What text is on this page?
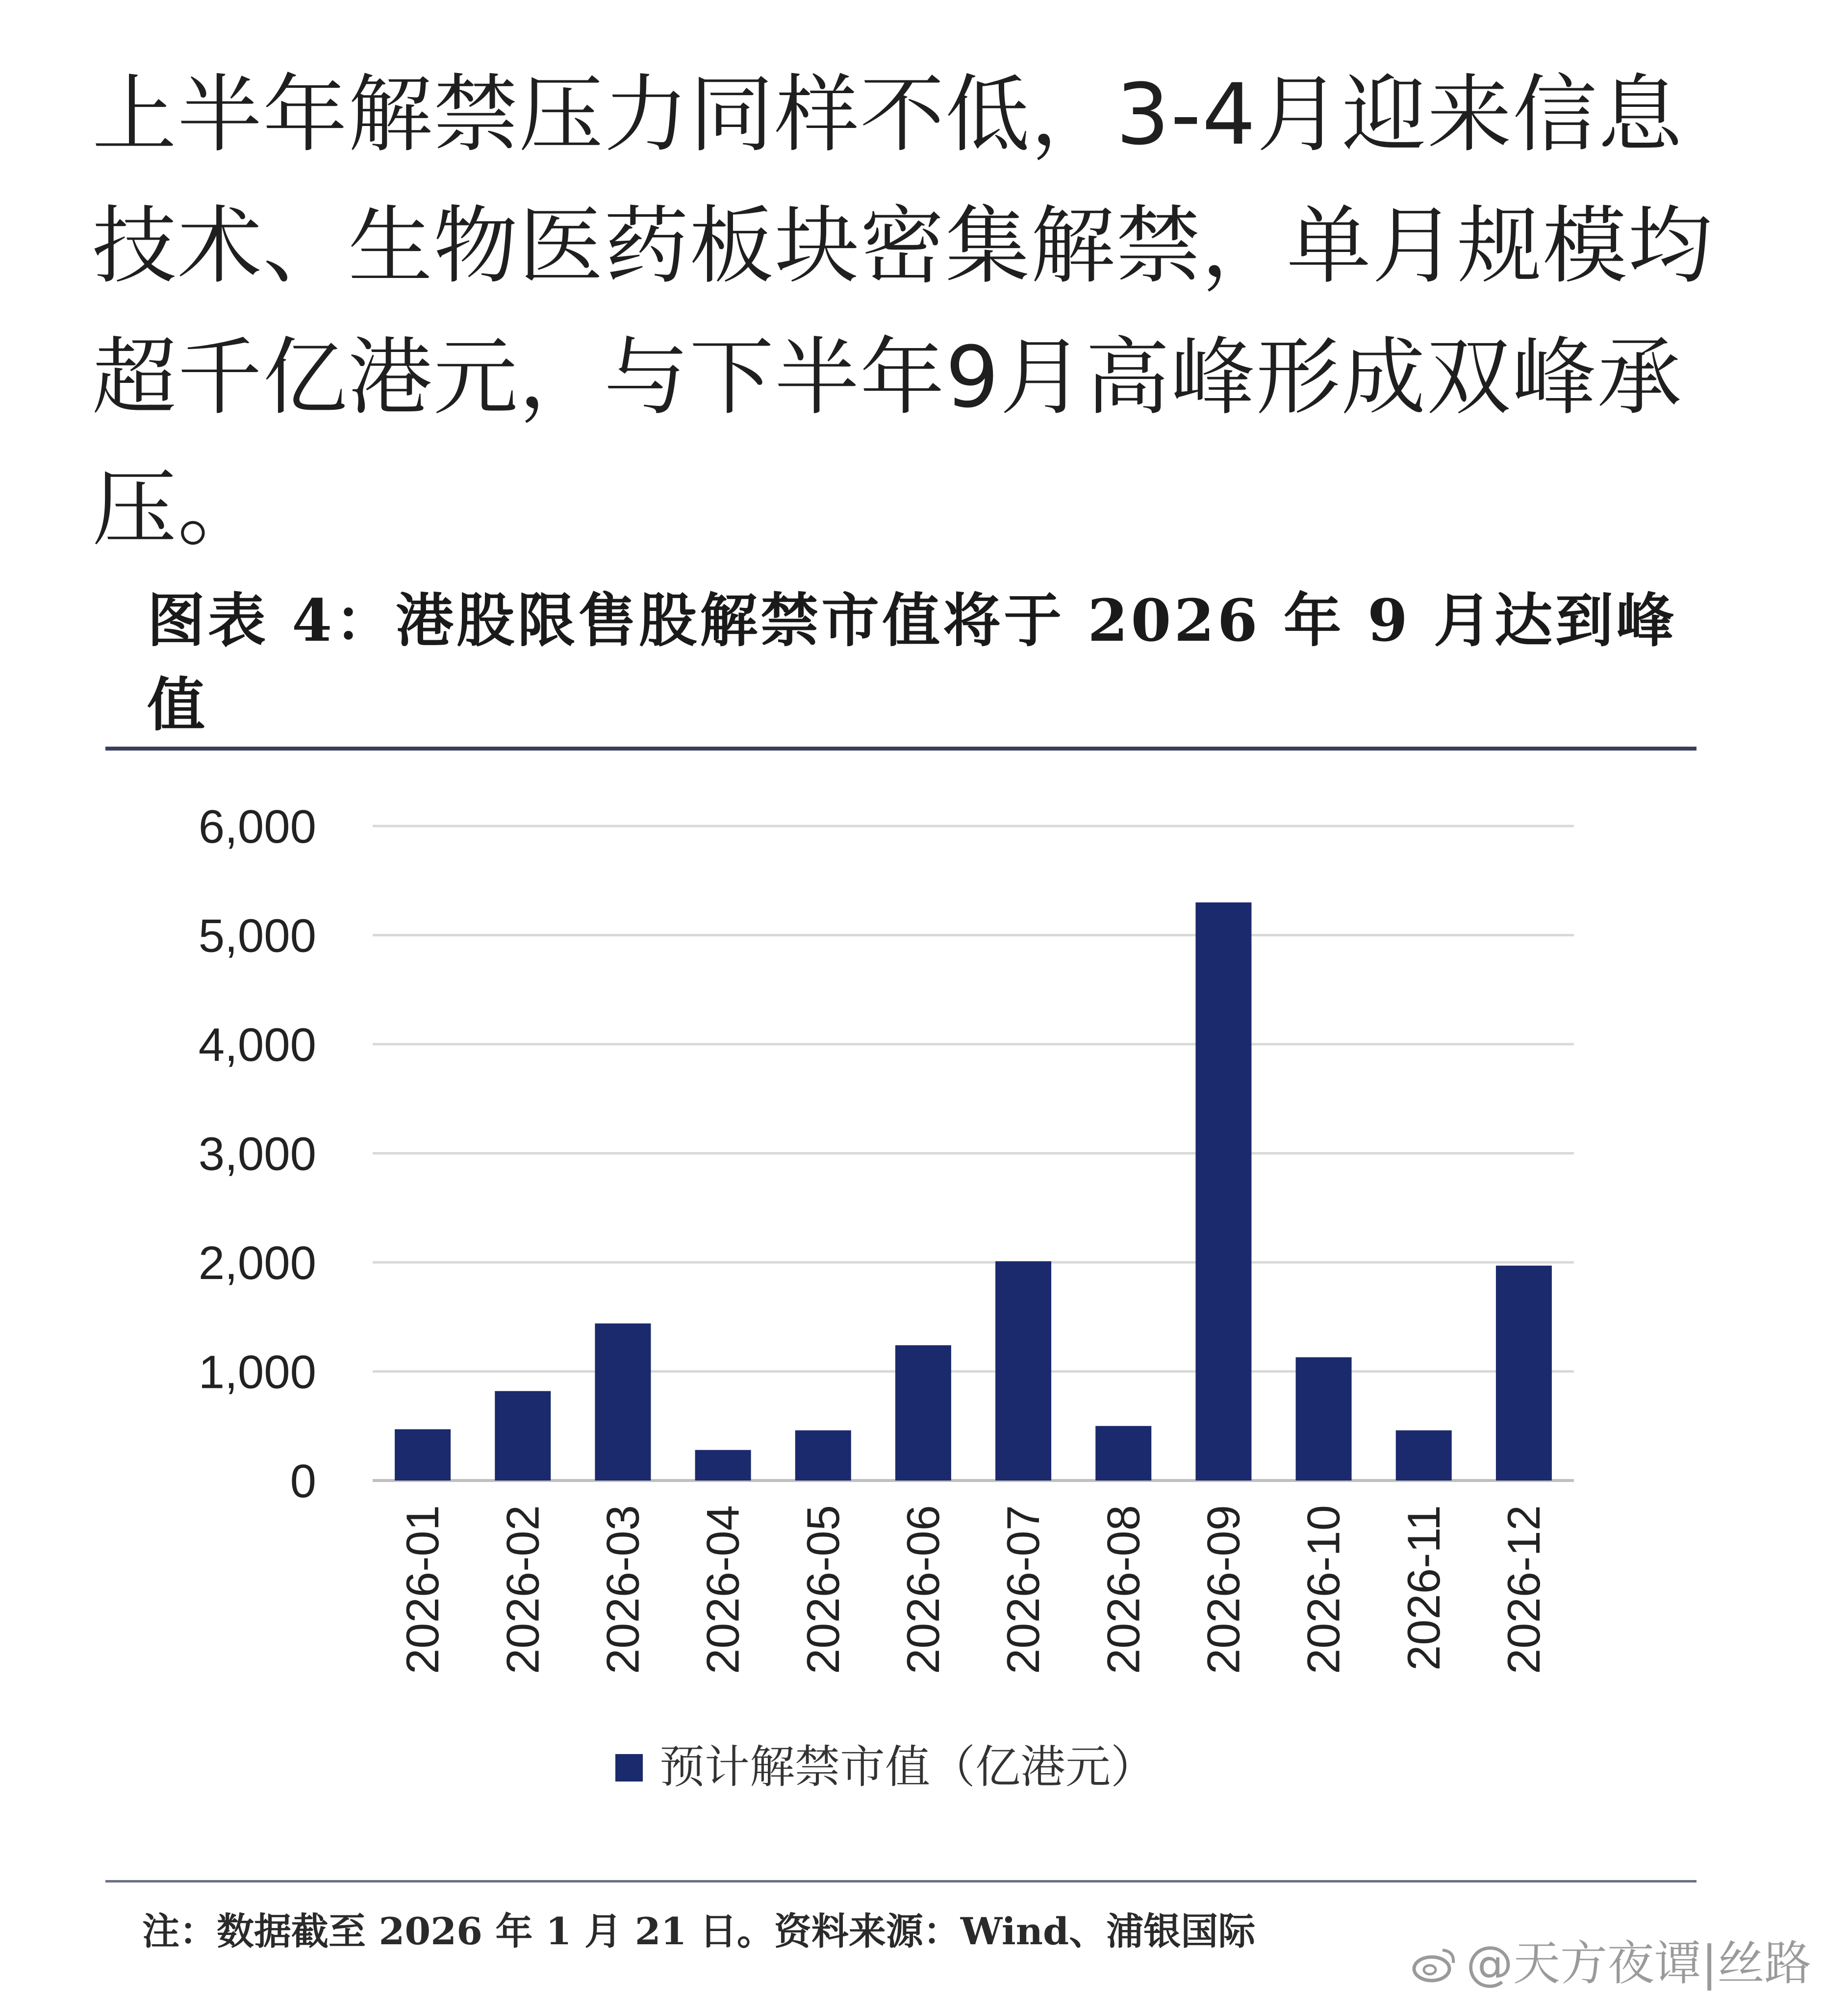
上半年解禁压力同样不低，3-4月迎来信息技术、生物医药板块密集解禁，单月规模均超千亿港元，与下半年9月高峰形成双峰承压。
图表 4：港股限售股解禁市值将于 2026 年 9 月达到峰值
0
1,000
2,000
3,000
4,000
5,000
6,000
2026-01 2026-02 2026-03 2026-04 2026-05 2026-06 2026-07 2026-08 2026-09 2026-10 2026-11 2026-12
预计解禁市值（亿港元）
注：数据截至 2026 年 1 月 21 日。资料来源：Wind、浦银国际
@天方夜谭|丝路
